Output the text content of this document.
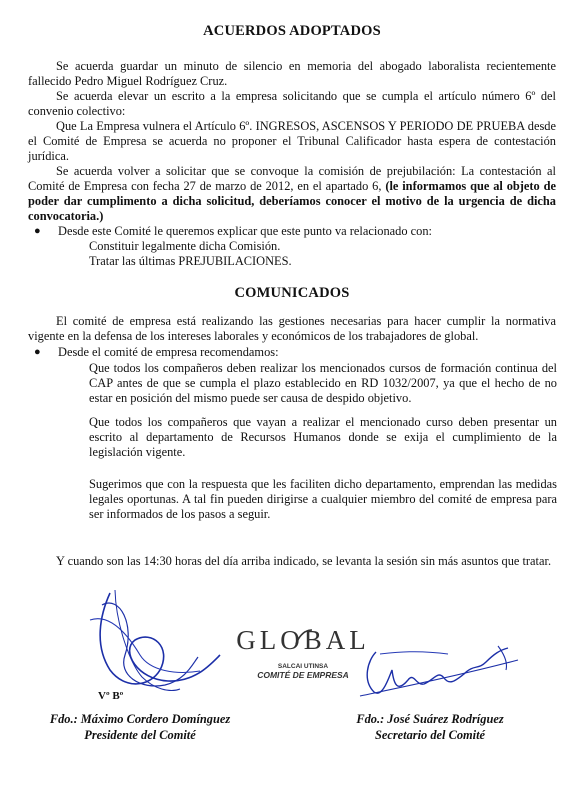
ACUERDOS ADOPTADOS
Se acuerda guardar un minuto de silencio en memoria del abogado laboralista recientemente fallecido Pedro Miguel Rodríguez Cruz.
Se acuerda elevar un escrito a la empresa solicitando que se cumpla el artículo número 6º del convenio colectivo:
Que La Empresa vulnera el Artículo 6º. INGRESOS, ASCENSOS Y PERIODO DE PRUEBA desde el Comité de Empresa se acuerda no proponer el Tribunal Calificador hasta espera de contestación jurídica.
Se acuerda volver a solicitar que se convoque la comisión de prejubilación: La contestación al Comité de Empresa con fecha 27 de marzo de 2012, en el apartado 6, (le informamos que al objeto de poder dar cumplimento a dicha solicitud, deberíamos conocer el motivo de la urgencia de dicha convocatoria.)
● Desde este Comité le queremos explicar que este punto va relacionado con:
Constituir legalmente dicha Comisión.
Tratar las últimas PREJUBILACIONES.
COMUNICADOS
El comité de empresa está realizando las gestiones necesarias para hacer cumplir la normativa vigente en la defensa de los intereses laborales y económicos de los trabajadores de global.
● Desde el comité de empresa recomendamos:
Que todos los compañeros deben realizar los mencionados cursos de formación continua del CAP antes de que se cumpla el plazo establecido en RD 1032/2007, ya que el hecho de no estar en posición del mismo puede ser causa de despido objetivo.
Que todos los compañeros que vayan a realizar el mencionado curso deben presentar un escrito al departamento de Recursos Humanos donde se exija el cumplimiento de la legislación vigente.
Sugerimos que con la respuesta que les faciliten dicho departamento, emprendan las medidas legales oportunas. A tal fin pueden dirigirse a cualquier miembro del comité de empresa para ser informados de los pasos a seguir.
Y cuando son las 14:30 horas del día arriba indicado, se levanta la sesión sin más asuntos que tratar.
Vº Bº
GLOBAL
SALCAI UTINSA
COMITÉ DE EMPRESA
Fdo.: Máximo Cordero Domínguez
Presidente del Comité
Fdo.: José Suárez Rodríguez
Secretario del Comité
